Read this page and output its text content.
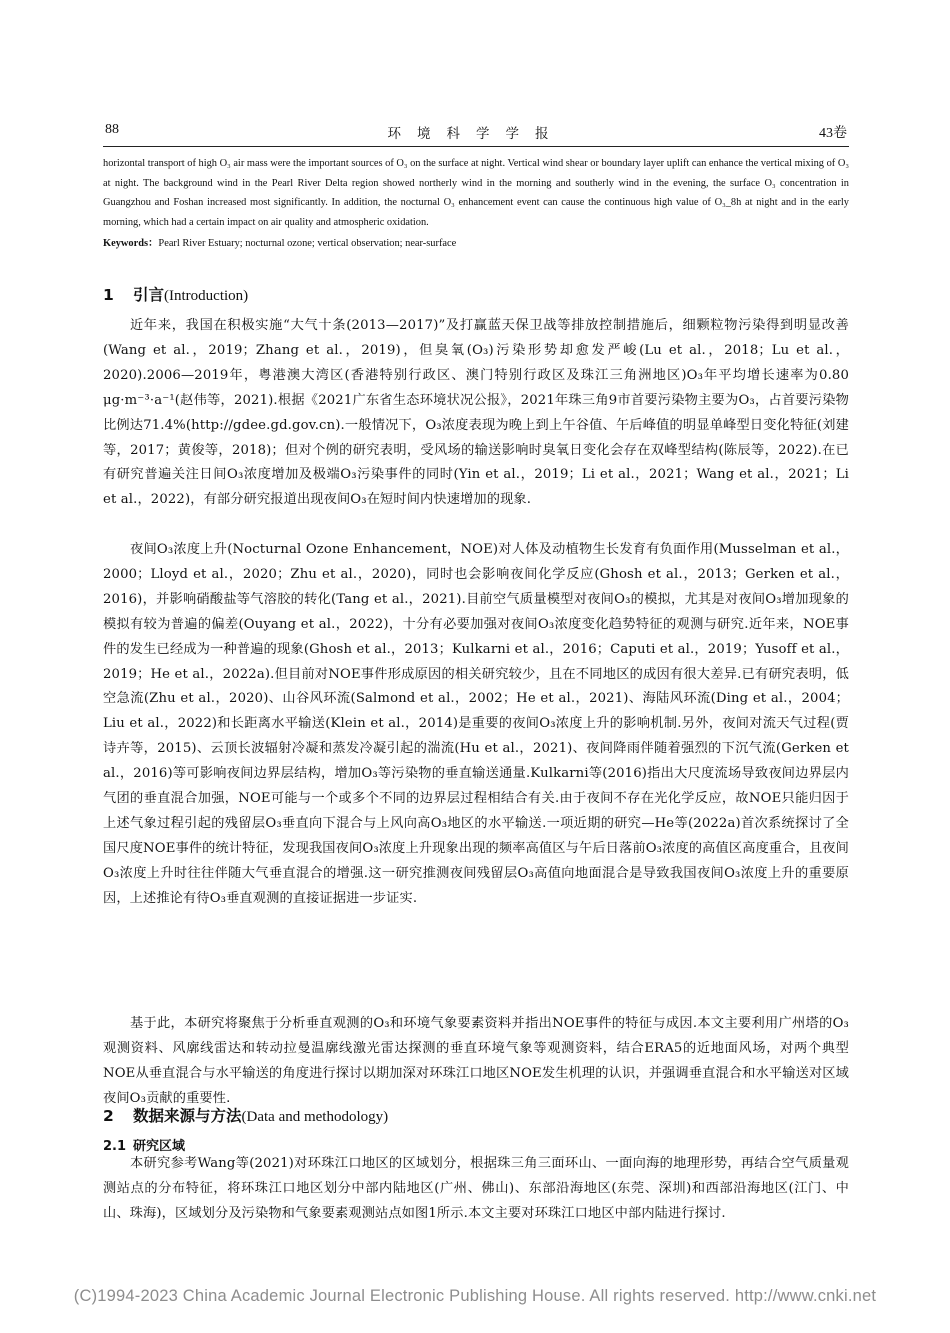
88	环境科学学报	43卷

horizontal transport of high O₃ air mass were the important sources of O₃ on the surface at night. Vertical wind shear or boundary layer uplift can enhance the vertical mixing of O₃ at night. The background wind in the Pearl River Delta region showed northerly wind in the morning and southerly wind in the evening, the surface O₃ concentration in Guangzhou and Foshan increased most significantly. In addition, the nocturnal O₃ enhancement event can cause the continuous high value of O₃_8h at night and in the early morning, which had a certain impact on air quality and atmospheric oxidation.

Keywords：Pearl River Estuary; nocturnal ozone; vertical observation; near-surface
1 引言(Introduction)

近年来，我国在积极实施“大气十条(2013—2017)”及打赢蓝天保卫战等排放控制措施后，细颗粒物污染得到明显改善(Wang et al.，2019；Zhang et al.，2019)，但臭氧(O₃)污染形势却愈发严峻(Lu et al.，2018；Lu et al.，2020).2006—2019年，粤港澳大湾区(香港特别行政区、澳门特别行政区及珠江三角洲地区)O₃年平均增长速率为0.80 μg·m⁻³·a⁻¹(赵伟等，2021).根据《2021广东省生态环境状况公报》，2021年珠三角9市首要污染物主要为O₃，占首要污染物比例达71.4%(http://gdee.gd.gov.cn).一般情况下，O₃浓度表现为晚上到上午谷值、午后峰值的明显单峰型日变化特征(刘建等，2017；黄俊等，2018)；但对个例的研究表明，受风场的输送影响时臭氧日变化会存在双峰型结构(陈辰等，2022).在已有研究普遍关注日间O₃浓度增加及极端O₃污染事件的同时(Yin et al.，2019；Li et al.，2021；Wang et al.，2021；Li et al.，2022)，有部分研究报道出现夜间O₃在短时间内快速增加的现象.

夜间O₃浓度上升(Nocturnal Ozone Enhancement，NOE)对人体及动植物生长发育有负面作用(Musselman et al.，2000；Lloyd et al.，2020；Zhu et al.，2020)，同时也会影响夜间化学反应(Ghosh et al.，2013；Gerken et al.，2016)，并影响硝酸盐等气溶胶的转化(Tang et al.，2021).目前空气质量模型对夜间O₃的模拟，尤其是对夜间O₃增加现象的模拟有较为普遍的偏差(Ouyang et al.，2022)，十分有必要加强对夜间O₃浓度变化趋势特征的观测与研究.近年来，NOE事件的发生已经成为一种普遍的现象(Ghosh et al.，2013；Kulkarni et al.，2016；Caputi et al.，2019；Yusoff et al.，2019；He et al.，2022a).但目前对NOE事件形成原因的相关研究较少，且在不同地区的成因有很大差异.已有研究表明，低空急流(Zhu et al.，2020)、山谷风环流(Salmond et al.，2002；He et al.，2021)、海陆风环流(Ding et al.，2004；Liu et al.，2022)和长距离水平输送(Klein et al.，2014)是重要的夜间O₃浓度上升的影响机制.另外，夜间对流天气过程(贾诗卉等，2015)、云顶长波辐射冷凝和蒸发冷凝引起的湍流(Hu et al.，2021)、夜间降雨伴随着强烈的下沉气流(Gerken et al.，2016)等可影响夜间边界层结构，增加O₃等污染物的垂直输送通量.Kulkarni等(2016)指出大尺度流场导致夜间边界层内气团的垂直混合加强，NOE可能与一个或多个不同的边界层过程相结合有关.由于夜间不存在光化学反应，故NOE只能归因于上述气象过程引起的残留层O₃垂直向下混合与上风向高O₃地区的水平输送.一项近期的研究—He等(2022a)首次系统探讨了全国尺度NOE事件的统计特征，发现我国夜间O₃浓度上升现象出现的频率高值区与午后日落前O₃浓度的高值区高度重合，且夜间O₃浓度上升时往往伴随大气垂直混合的增强.这一研究推测夜间残留层O₃高值向地面混合是导致我国夜间O₃浓度上升的重要原因，上述推论有待O₃垂直观测的直接证据进一步证实.

基于此，本研究将聚焦于分析垂直观测的O₃和环境气象要素资料并指出NOE事件的特征与成因.本文主要利用广州塔的O₃观测资料、风廓线雷达和转动拉曼温廓线激光雷达探测的垂直环境气象等观测资料，结合ERA5的近地面风场，对两个典型NOE从垂直混合与水平输送的角度进行探讨以期加深对环珠江口地区NOE发生机理的认识，并强调垂直混合和水平输送对区域夜间O₃贡献的重要性.

2 数据来源与方法(Data and methodology)
2.1 研究区域

本研究参考Wang等(2021)对环珠江口地区的区域划分，根据珠三角三面环山、一面向海的地理形势，再结合空气质量观测站点的分布特征，将环珠江口地区划分中部内陆地区(广州、佛山)、东部沿海地区(东莞、深圳)和西部沿海地区(江门、中山、珠海)，区域划分及污染物和气象要素观测站点如图1所示.本文主要对环珠江口地区中部内陆进行探讨.

(C)1994-2023 China Academic Journal Electronic Publishing House. All rights reserved. http://www.cnki.net
